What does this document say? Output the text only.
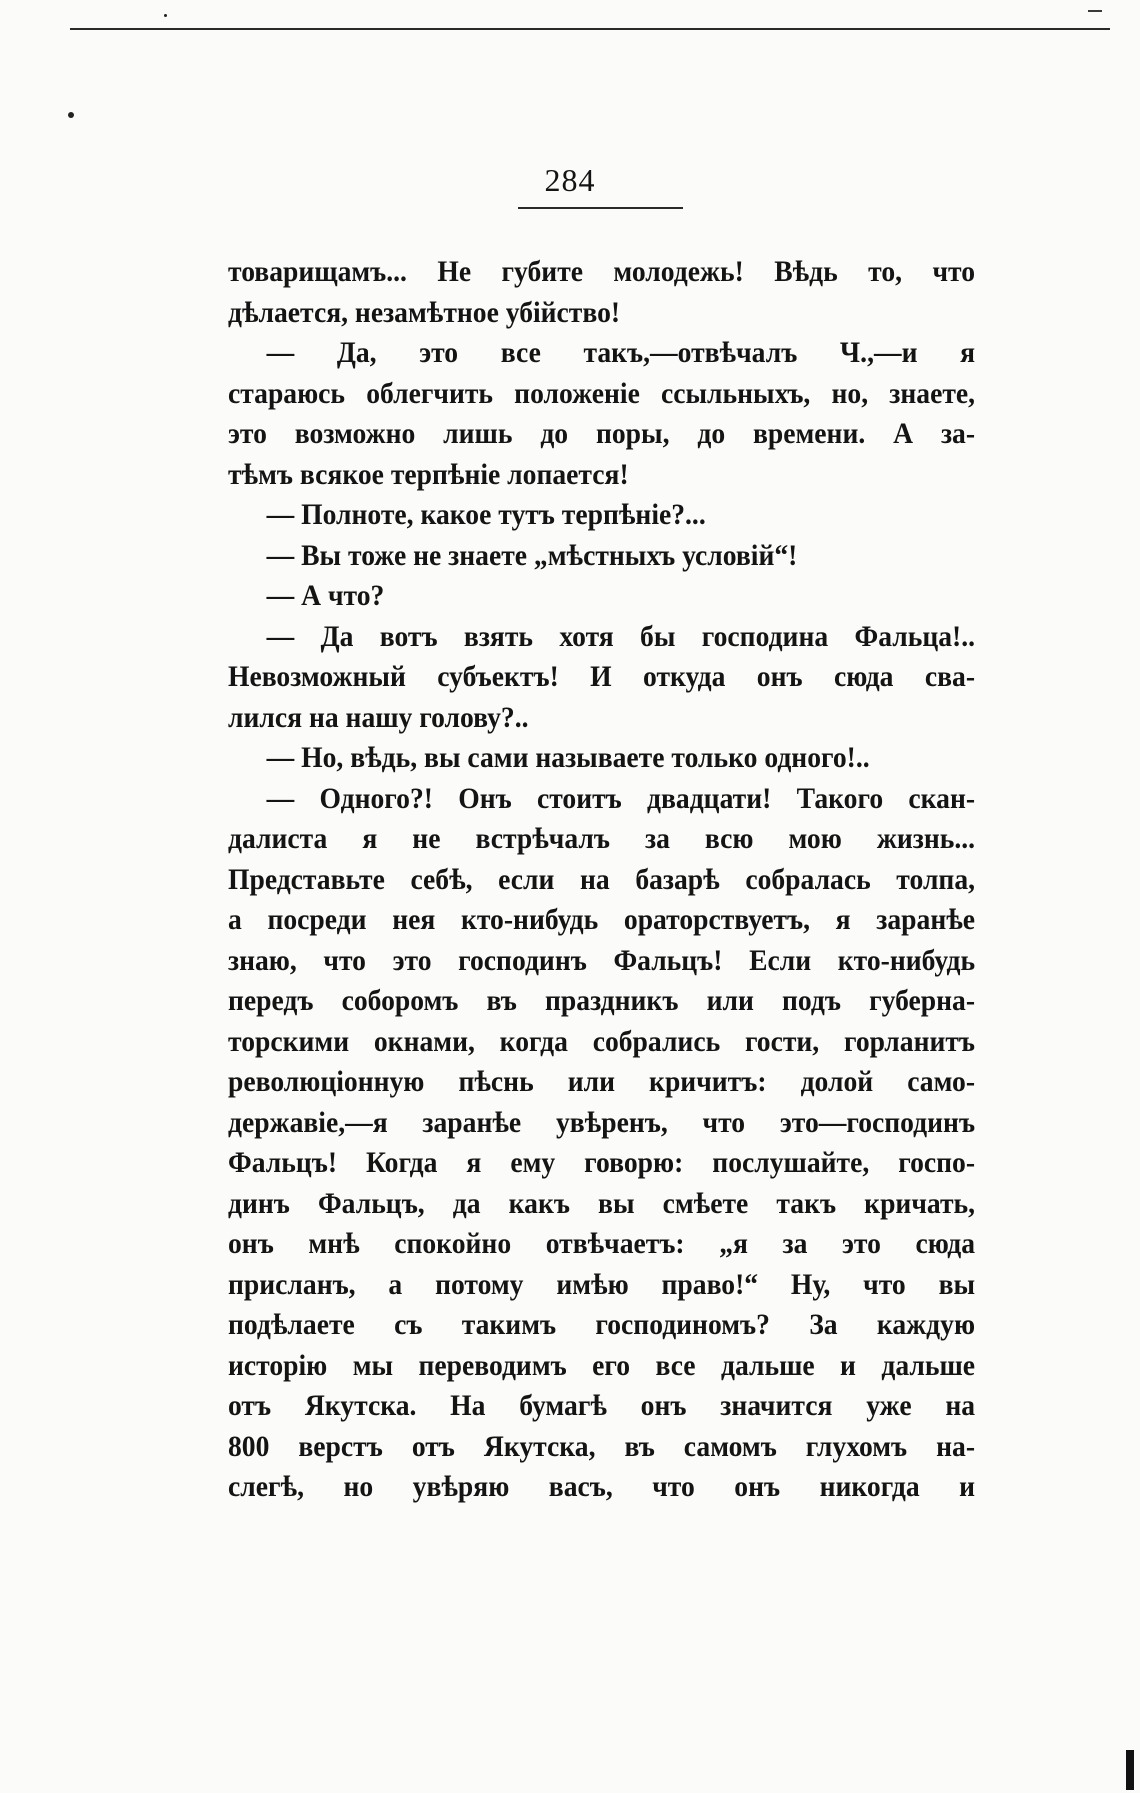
284
товарищамъ... Не губите молодежь! Вѣдь то, что
дѣлается, незамѣтное убійство!
— Да, это все такъ,—отвѣчалъ Ч.,—и я
стараюсь облегчить положеніе ссыльныхъ, но, знаете,
это возможно лишь до поры, до времени. А за-
тѣмъ всякое терпѣніе лопается!
— Полноте, какое тутъ терпѣніе?...
— Вы тоже не знаете „мѣстныхъ условій“!
— А что?
— Да вотъ взять хотя бы господина Фальца!..
Невозможный субъектъ! И откуда онъ сюда сва-
лился на нашу голову?..
— Но, вѣдь, вы сами называете только одного!..
— Одного?! Онъ стоитъ двадцати! Такого скан-
далиста я не встрѣчалъ за всю мою жизнь...
Представьте себѣ, если на базарѣ собралась толпа,
а посреди нея кто-нибудь ораторствуетъ, я заранѣе
знаю, что это господинъ Фальцъ! Если кто-нибудь
передъ соборомъ въ праздникъ или подъ губерна-
торскими окнами, когда собрались гости, горланитъ
революціонную пѣснь или кричитъ: долой само-
державіе,—я заранѣе увѣренъ, что это—господинъ
Фальцъ! Когда я ему говорю: послушайте, госпо-
динъ Фальцъ, да какъ вы смѣете такъ кричать,
онъ мнѣ спокойно отвѣчаетъ: „я за это сюда
присланъ, а потому имѣю право!“ Ну, что вы
подѣлаете съ такимъ господиномъ? За каждую
исторію мы переводимъ его все дальше и дальше
отъ Якутска. На бумагѣ онъ значится уже на
800 верстъ отъ Якутска, въ самомъ глухомъ на-
слегѣ, но увѣряю васъ, что онъ никогда и
